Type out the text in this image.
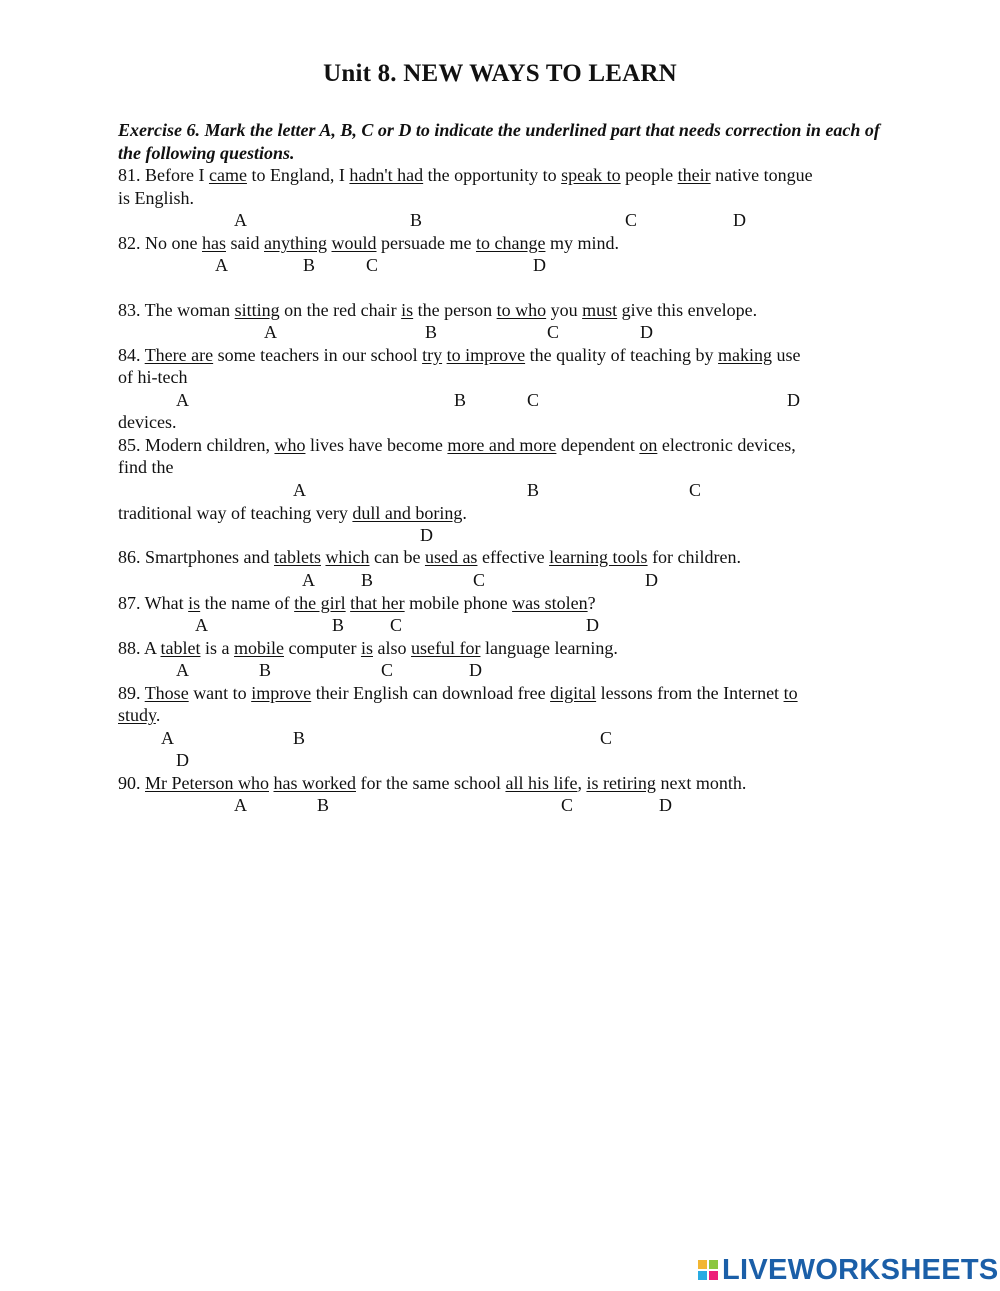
Unit 8. NEW WAYS TO LEARN
Exercise 6. Mark the letter A, B, C or D to indicate the underlined part that needs correction in each of the following questions.
81. Before I came to England, I hadn't had the opportunity to speak to people their native tongue
is English.
A	B	C	D
82. No one has said anything would persuade me to change my mind.
A	B	C	D
83. The woman sitting on the red chair is the person to who you must give this envelope.
A	B	C	D
84. There are some teachers in our school try to improve the quality of teaching by making use
of hi-tech
A	B	C	D
devices.
85. Modern children, who lives have become more and more dependent on electronic devices,
find the
A	B	C
traditional way of teaching very dull and boring.
D
86. Smartphones and tablets which can be used as effective learning tools for children.
A	B	C	D
87. What is the name of the girl that her mobile phone was stolen?
A	B	C	D
88. A tablet is a mobile computer is also useful for language learning.
A	B	C	D
89. Those want to improve their English can download free digital lessons from the Internet to
study.
A	B	C
D
90. Mr Peterson who has worked for the same school all his life, is retiring next month.
A	B	C	D
LIVEWORKSHEETS
